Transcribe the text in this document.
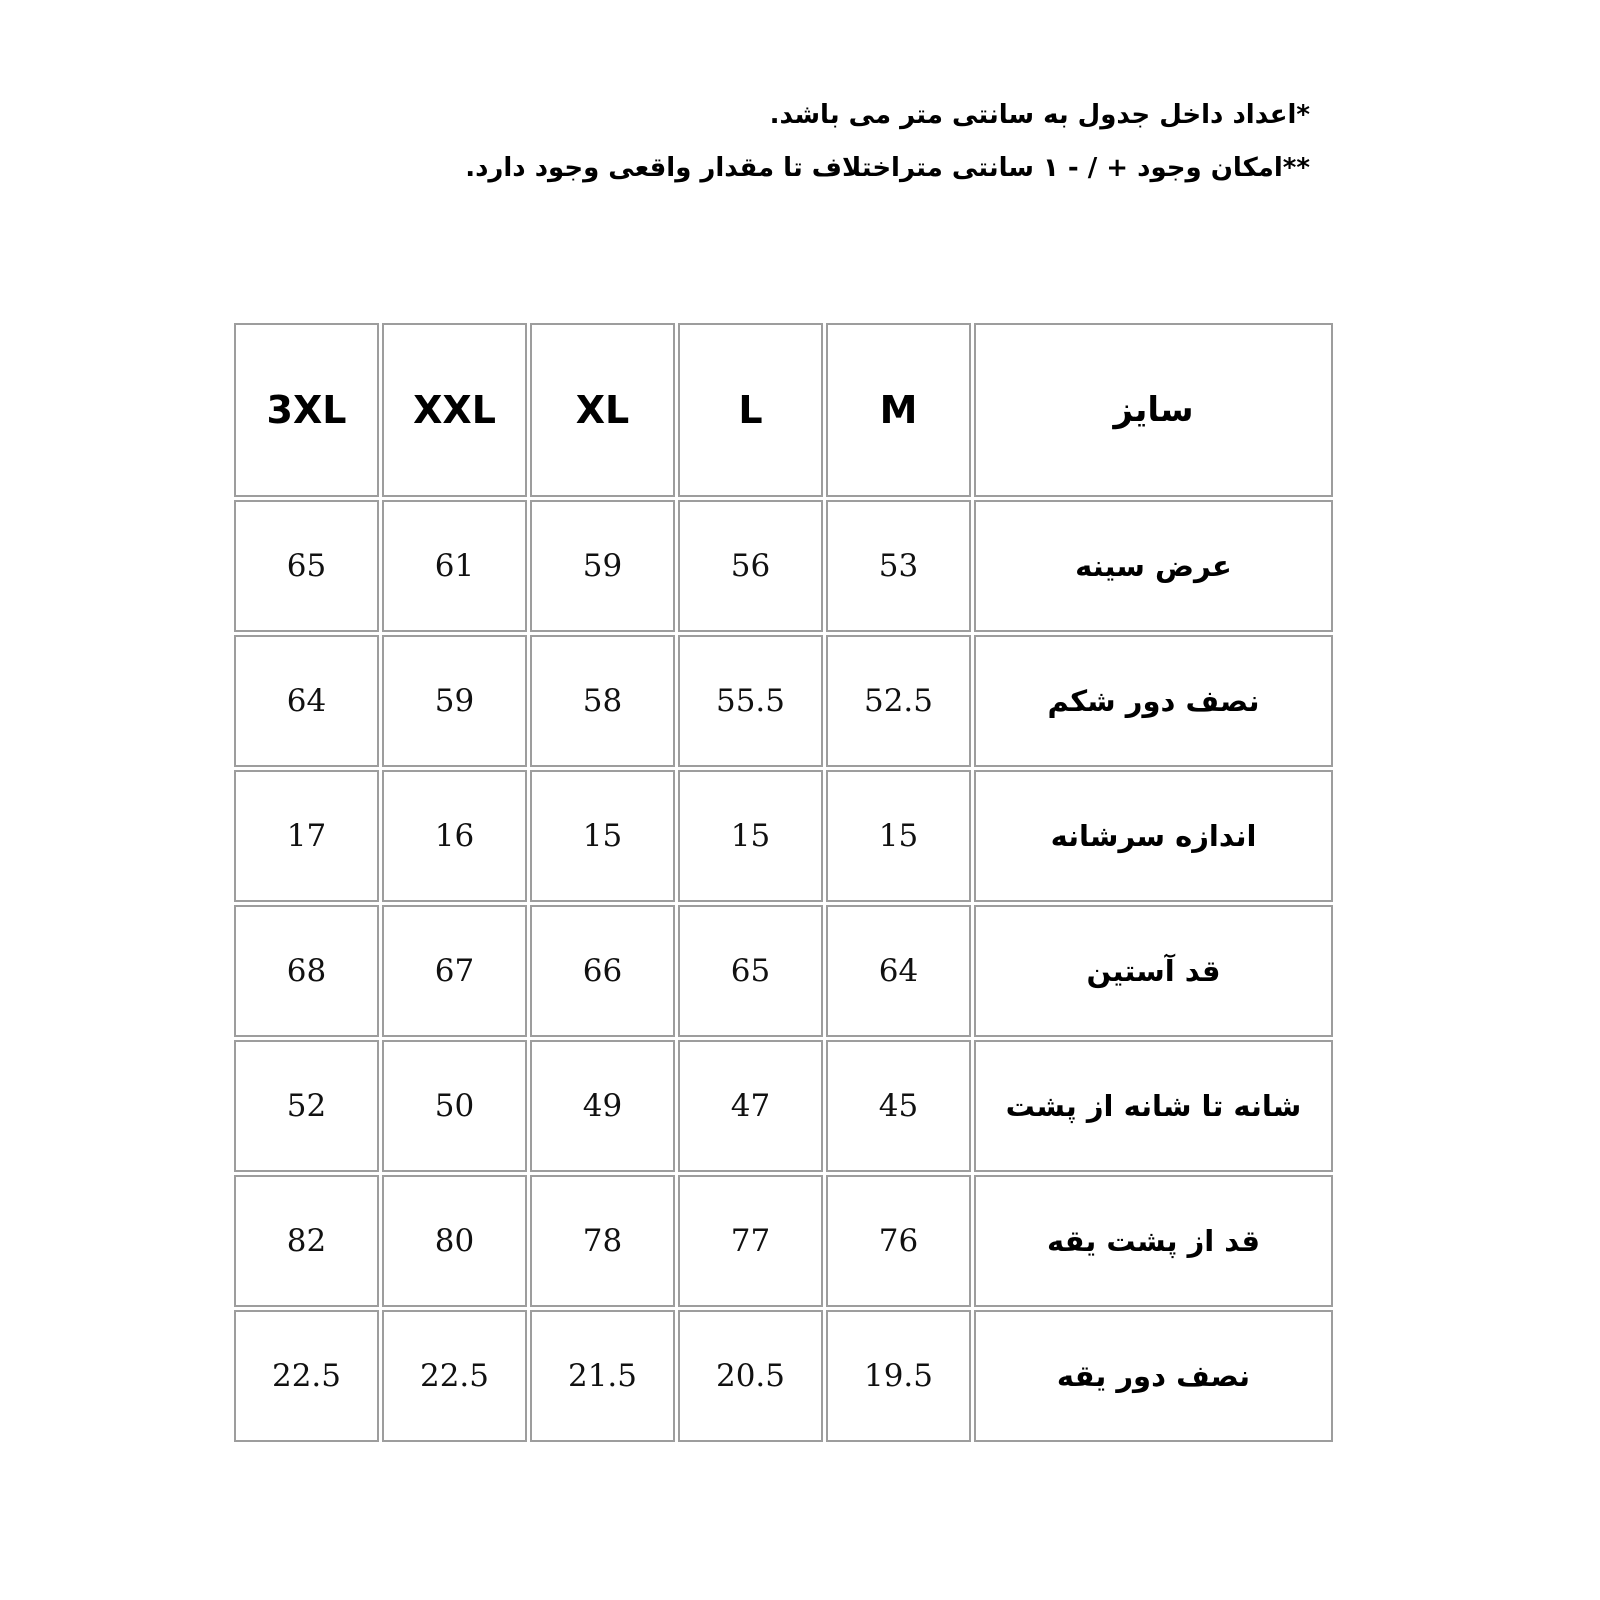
*اعداد داخل جدول به سانتی متر می باشد.
**امکان وجود + / - ۱ سانتی متراختلاف تا مقدار واقعی وجود دارد.
3XL	XXL	XL	L	M	سایز
65	61	59	56	53	عرض سینه
64	59	58	55.5	52.5	نصف دور شکم
17	16	15	15	15	اندازه سرشانه
68	67	66	65	64	قد آستین
52	50	49	47	45	شانه تا شانه از پشت
82	80	78	77	76	قد از پشت یقه
22.5	22.5	21.5	20.5	19.5	نصف دور یقه
